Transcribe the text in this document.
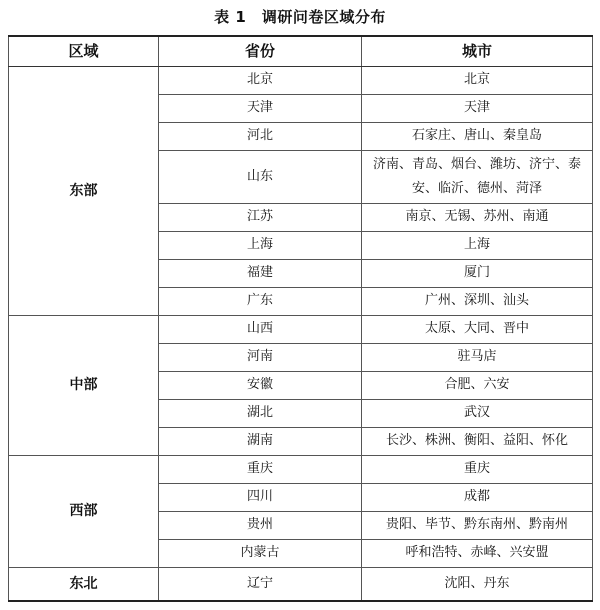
表 1　调研问卷区域分布
区域	省份	城市
东部	北京	北京
	天津	天津
	河北	石家庄、唐山、秦皇岛
	山东	济南、青岛、烟台、潍坊、济宁、泰安、临沂、德州、菏泽
	江苏	南京、无锡、苏州、南通
	上海	上海
	福建	厦门
	广东	广州、深圳、汕头
中部	山西	太原、大同、晋中
	河南	驻马店
	安徽	合肥、六安
	湖北	武汉
	湖南	长沙、株洲、衡阳、益阳、怀化
西部	重庆	重庆
	四川	成都
	贵州	贵阳、毕节、黔东南州、黔南州
	内蒙古	呼和浩特、赤峰、兴安盟
东北	辽宁	沈阳、丹东
